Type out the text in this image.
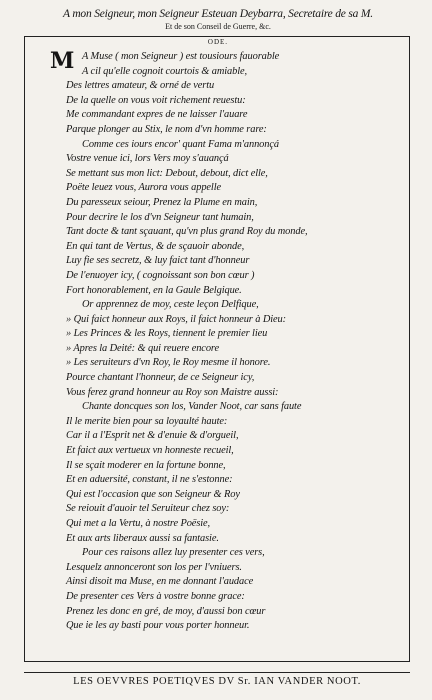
A mon Seigneur, mon Seigneur Esteuan Deybarra, Secretaire de sa M.
Et de son Conseil de Guerre, &c.
ODE.
M A Muse ( mon Seigneur ) est tousiours fauorable
A cil qu'elle cognoit courtois & amiable,
Des lettres amateur, & orné de vertu
De la quelle on vous voit richement reuestu:
Me commandant expres de ne laisser l'auare
Parque plonger au Stix, le nom d'vn homme rare:
Comme ces iours encor' quant Fama m'annonçá
Vostre venue ici, lors Vers moy s'auançá
Se mettant sus mon lict: Debout, debout, dict elle,
Poëte leuez vous, Aurora vous appelle
Du paresseux seiour, Prenez la Plume en main,
Pour decrire le los d'vn Seigneur tant humain,
Tant docte & tant sçauant, qu'vn plus grand Roy du monde,
En qui tant de Vertus, & de sçauoir abonde,
Luy fie ses secretz, & luy faict tant d'honneur
De l'enuoyer icy, ( cognoissant son bon cœur )
Fort honorablement, en la Gaule Belgique.
Or apprennez de moy, ceste leçon Delfique,
» Qui faict honneur aux Roys, il faict honneur à Dieu:
» Les Princes & les Roys, tiennent le premier lieu
» Apres la Deité: & qui reuere encore
» Les seruiteurs d'vn Roy, le Roy mesme il honore.
Pource chantant l'honneur, de ce Seigneur icy,
Vous ferez grand honneur au Roy son Maistre aussi:
Chante doncques son los, Vander Noot, car sans faute
Il le merite bien pour sa loyaulté haute:
Car il a l'Esprit net & d'enuie & d'orgueil,
Et faict aux vertueux vn honneste recueil,
Il se sçait moderer en la fortune bonne,
Et en aduersité, constant, il ne s'estonne:
Qui est l'occasion que son Seigneur & Roy
Se reiouit d'auoir tel Seruiteur chez soy:
Qui met a la Vertu, à nostre Poësie,
Et aux arts liberaux aussi sa fantasie.
Pour ces raisons allez luy presenter ces vers,
Lesquelz annonceront son los per l'vniuers.
Ainsi disoit ma Muse, en me donnant l'audace
De presenter ces Vers à vostre bonne grace:
Prenez les donc en gré, de moy, d'aussi bon cœur
Que ie les ay basti pour vous porter honneur.
LES OEVVRES POETIQVES DV Sr. IAN VANDER NOOT.
